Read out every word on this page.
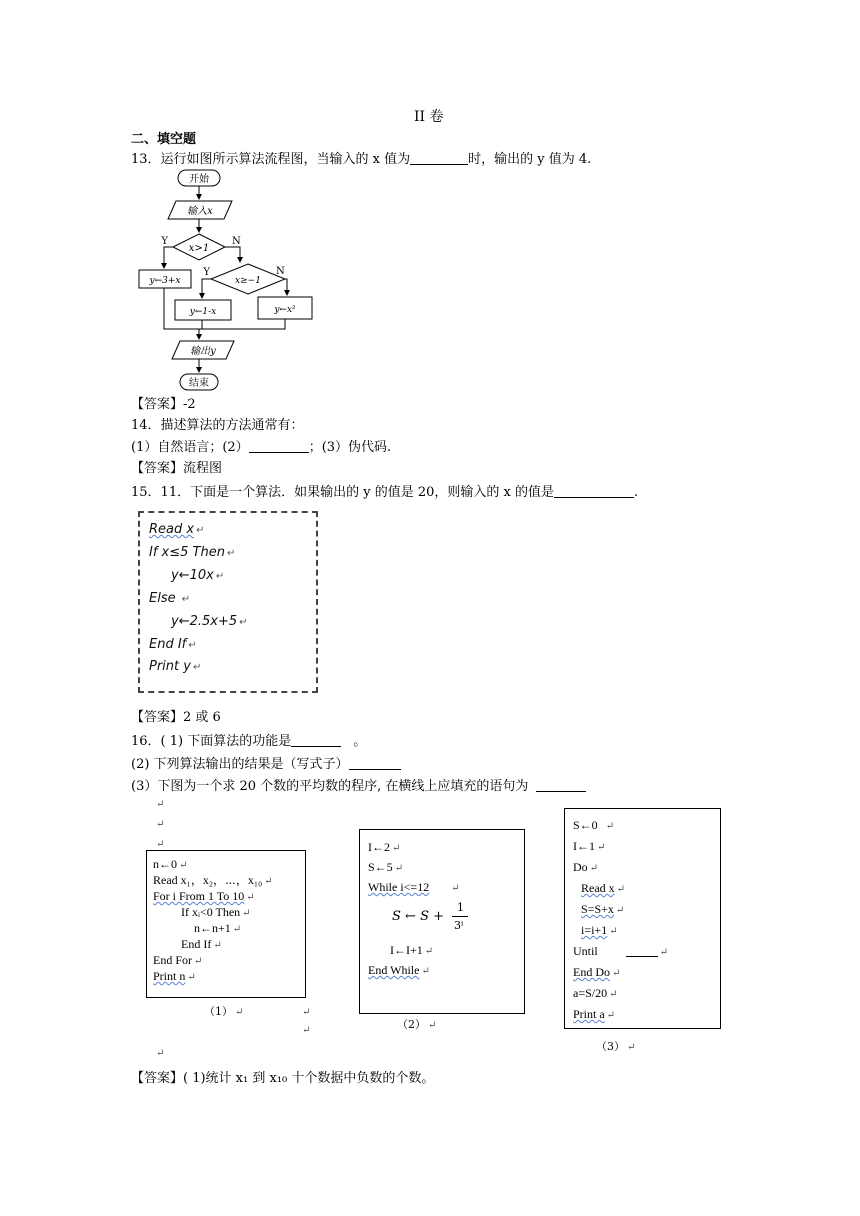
II 卷
二、填空题
13．运行如图所示算法流程图，当输入的 x 值为	时，输出的 y 值为 4.
开始
输入x
x>1
Y	N
y←3+x	x≥−1
Y	N
y←1-x	y←x²
输出y
结束
【答案】-2
14．描述算法的方法通常有：
(1）自然语言；(2）	；(3）伪代码.
【答案】流程图
15．11．下面是一个算法．如果输出的 y 的值是 20，则输入的 x 的值是	.
Read x ↵
If x≤5 Then ↵
y←10x ↵
Else ↵
y←2.5x+5 ↵
End If ↵
Print y ↵
【答案】2 或 6
16．( 1) 下面算法的功能是	。
(2) 下列算法输出的结果是（写式子）
(3）下图为一个求 20 个数的平均数的程序, 在横线上应填充的语句为
↵
↵
↵
↵
↵
↵
n←0 ↵
Read x₁，x₂，⋯，x₁₀ ↵
For i From 1 To 10 ↵
If xᵢ<0 Then ↵
n←n+1 ↵
End If ↵
End For ↵
Print n ↵
（1） ↵
I←2 ↵
S←5 ↵
While i<=12 ↵
S ← S +
1
3ⁱ
I←I+1 ↵
End While ↵
（2） ↵
S←0 ↵
I←1 ↵
Do ↵
Read x ↵
S=S+x ↵
i=i+1 ↵
Until	↵
End Do ↵
a=S/20 ↵
Print a ↵
（3） ↵
【答案】( 1)统计 x₁ 到 x₁₀ 十个数据中负数的个数。
